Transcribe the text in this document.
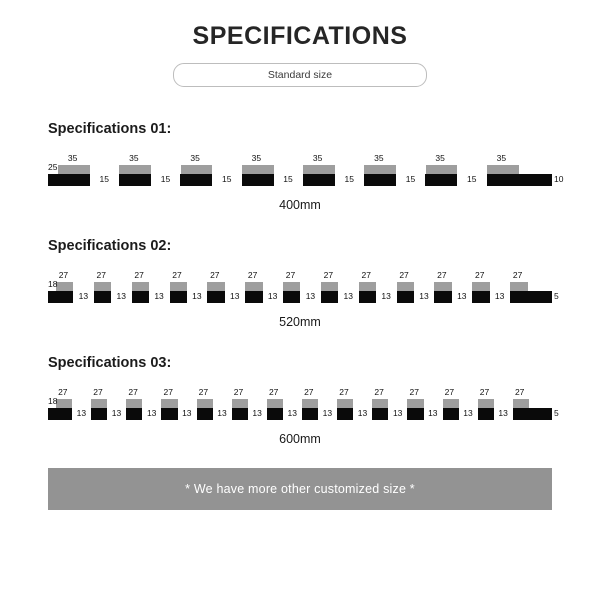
SPECIFICATIONS
Standard size
Specifications 01:
35	35	35	35	35	35	35	35
15	15	15	15	15	15	15
25
10
400mm
Specifications 02:
27	27	27	27	27	27	27	27	27	27	27	27	27
13	13	13	13	13	13	13	13	13	13	13	13
18
5
520mm
Specifications 03:
27	27	27	27	27	27	27	27	27	27	27	27	27	27
13	13	13	13	13	13	13	13	13	13	13	13	13
18
5
600mm
* We have more other customized size *
